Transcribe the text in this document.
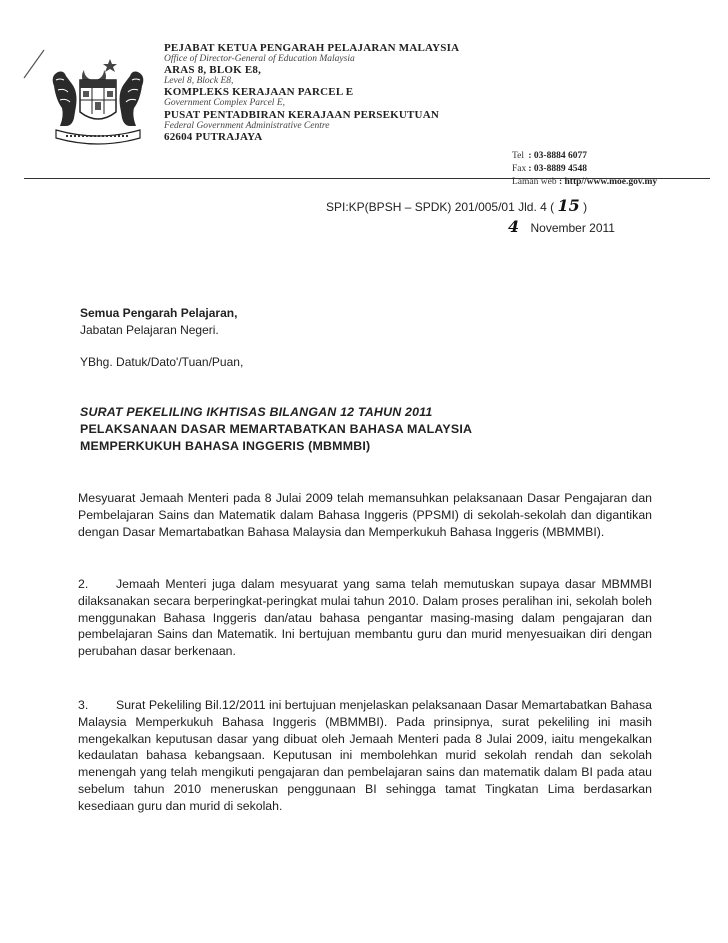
PEJABAT KETUA PENGARAH PELAJARAN MALAYSIA
Office of Director-General of Education Malaysia
ARAS 8, BLOK E8,
Level 8, Block E8,
KOMPLEKS KERAJAAN PARCEL E
Government Complex Parcel E,
PUSAT PENTADBIRAN KERAJAAN PERSEKUTUAN
Federal Government Administrative Centre
62604 PUTRAJAYA
Tel : 03-8884 6077
Fax : 03-8889 4548
Laman web : http//www.moe.gov.my
SPI:KP(BPSH – SPDK) 201/005/01 Jld. 4 ( 15 )
4 November 2011
Semua Pengarah Pelajaran,
Jabatan Pelajaran Negeri.
YBhg. Datuk/Dato'/Tuan/Puan,
SURAT PEKELILING IKHTISAS BILANGAN 12 TAHUN 2011
PELAKSANAAN DASAR MEMARTABATKAN BAHASA MALAYSIA
MEMPERKUKUH BAHASA INGGERIS (MBMMBI)
Mesyuarat Jemaah Menteri pada 8 Julai 2009 telah memansuhkan pelaksanaan Dasar Pengajaran dan Pembelajaran Sains dan Matematik dalam Bahasa Inggeris (PPSMI) di sekolah-sekolah dan digantikan dengan Dasar Memartabatkan Bahasa Malaysia dan Memperkukuh Bahasa Inggeris (MBMMBI).
2. Jemaah Menteri juga dalam mesyuarat yang sama telah memutuskan supaya dasar MBMMBI dilaksanakan secara berperingkat-peringkat mulai tahun 2010. Dalam proses peralihan ini, sekolah boleh menggunakan Bahasa Inggeris dan/atau bahasa pengantar masing-masing dalam pengajaran dan pembelajaran Sains dan Matematik. Ini bertujuan membantu guru dan murid menyesuaikan diri dengan perubahan dasar berkenaan.
3. Surat Pekeliling Bil.12/2011 ini bertujuan menjelaskan pelaksanaan Dasar Memartabatkan Bahasa Malaysia Memperkukuh Bahasa Inggeris (MBMMBI). Pada prinsipnya, surat pekeliling ini masih mengekalkan keputusan dasar yang dibuat oleh Jemaah Menteri pada 8 Julai 2009, iaitu mengekalkan kedaulatan bahasa kebangsaan. Keputusan ini membolehkan murid sekolah rendah dan sekolah menengah yang telah mengikuti pengajaran dan pembelajaran sains dan matematik dalam BI pada atau sebelum tahun 2010 meneruskan penggunaan BI sehingga tamat Tingkatan Lima berdasarkan kesediaan guru dan murid di sekolah.
